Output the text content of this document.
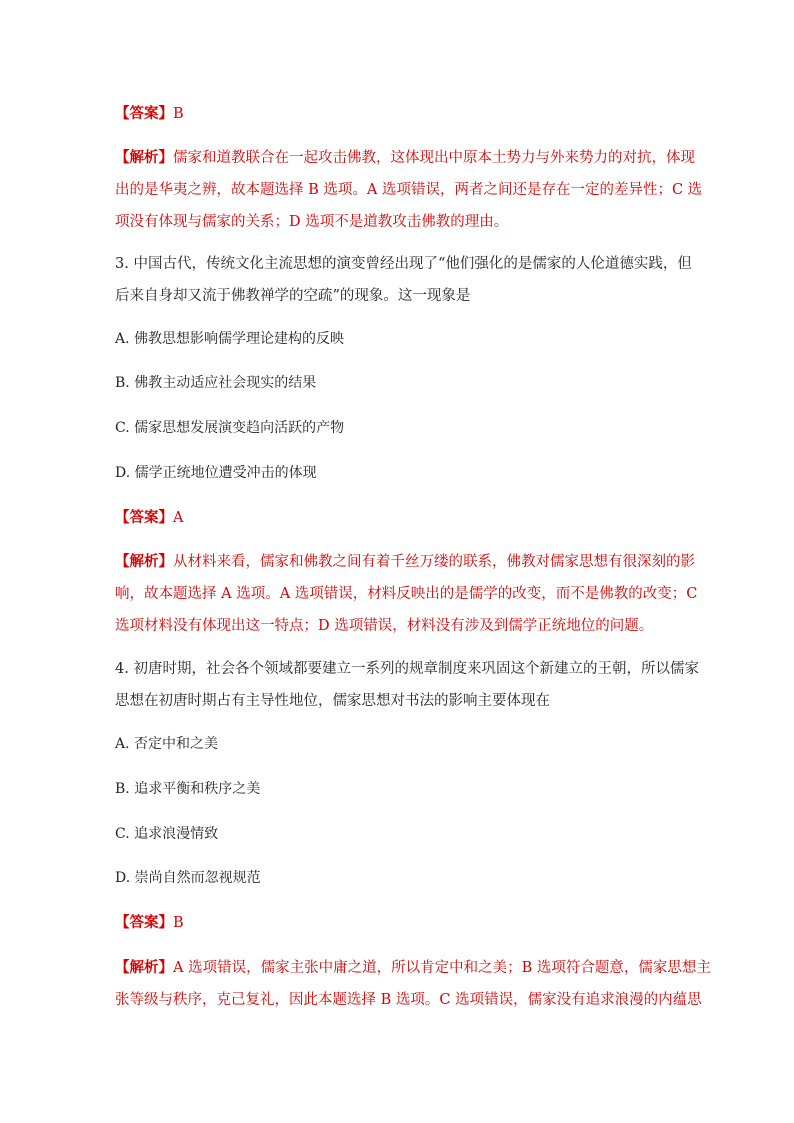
【答案】B
【解析】儒家和道教联合在一起攻击佛教，这体现出中原本土势力与外来势力的对抗，体现
出的是华夷之辨，故本题选择 B 选项。A 选项错误，两者之间还是存在一定的差异性；C 选
项没有体现与儒家的关系；D 选项不是道教攻击佛教的理由。
3. 中国古代，传统文化主流思想的演变曾经出现了“他们强化的是儒家的人伦道德实践，但
后来自身却又流于佛教禅学的空疏”的现象。这一现象是
A. 佛教思想影响儒学理论建构的反映
B. 佛教主动适应社会现实的结果
C. 儒家思想发展演变趋向活跃的产物
D. 儒学正统地位遭受冲击的体现
【答案】A
【解析】从材料来看，儒家和佛教之间有着千丝万缕的联系，佛教对儒家思想有很深刻的影
响，故本题选择 A 选项。A 选项错误，材料反映出的是儒学的改变，而不是佛教的改变；C
选项材料没有体现出这一特点；D 选项错误，材料没有涉及到儒学正统地位的问题。
4. 初唐时期，社会各个领域都要建立一系列的规章制度来巩固这个新建立的王朝，所以儒家
思想在初唐时期占有主导性地位，儒家思想对书法的影响主要体现在
A. 否定中和之美
B. 追求平衡和秩序之美
C. 追求浪漫情致
D. 崇尚自然而忽视规范
【答案】B
【解析】A 选项错误，儒家主张中庸之道，所以肯定中和之美；B 选项符合题意，儒家思想主
张等级与秩序，克己复礼，因此本题选择 B 选项。C 选项错误，儒家没有追求浪漫的内蕴思
